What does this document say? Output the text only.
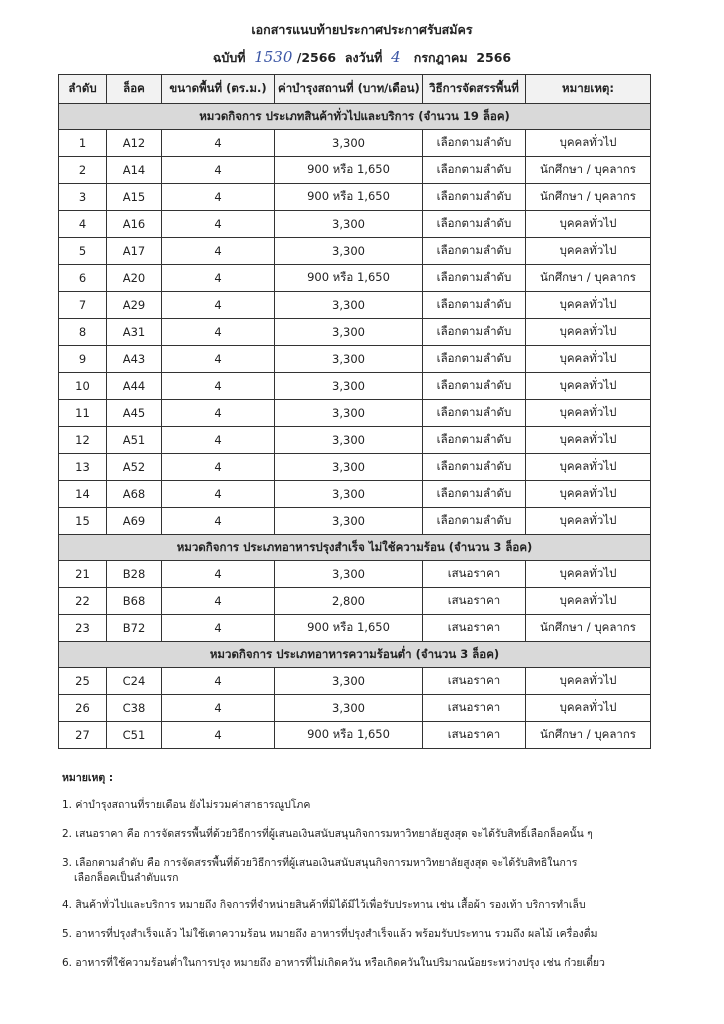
เอกสารแนบท้ายประกาศประกาศรับสมัคร
ฉบับที่ 1530 /2566 ลงวันที่ 4 กรกฎาคม  2566
ลำดับ	ล็อค	ขนาดพื้นที่ (ตร.ม.)	ค่าบำรุงสถานที่ (บาท/เดือน)	วิธีการจัดสรรพื้นที่	หมายเหตุ:
หมวดกิจการ ประเภทสินค้าทั่วไปและบริการ (จำนวน 19 ล็อค)					
1	A12	4	3,300	เลือกตามลำดับ	บุคคลทั่วไป
2	A14	4	900 หรือ 1,650	เลือกตามลำดับ	นักศึกษา / บุคลากร
3	A15	4	900 หรือ 1,650	เลือกตามลำดับ	นักศึกษา / บุคลากร
4	A16	4	3,300	เลือกตามลำดับ	บุคคลทั่วไป
5	A17	4	3,300	เลือกตามลำดับ	บุคคลทั่วไป
6	A20	4	900 หรือ 1,650	เลือกตามลำดับ	นักศึกษา / บุคลากร
7	A29	4	3,300	เลือกตามลำดับ	บุคคลทั่วไป
8	A31	4	3,300	เลือกตามลำดับ	บุคคลทั่วไป
9	A43	4	3,300	เลือกตามลำดับ	บุคคลทั่วไป
10	A44	4	3,300	เลือกตามลำดับ	บุคคลทั่วไป
11	A45	4	3,300	เลือกตามลำดับ	บุคคลทั่วไป
12	A51	4	3,300	เลือกตามลำดับ	บุคคลทั่วไป
13	A52	4	3,300	เลือกตามลำดับ	บุคคลทั่วไป
14	A68	4	3,300	เลือกตามลำดับ	บุคคลทั่วไป
15	A69	4	3,300	เลือกตามลำดับ	บุคคลทั่วไป
หมวดกิจการ ประเภทอาหารปรุงสำเร็จ ไม่ใช้ความร้อน (จำนวน 3 ล็อค)					
21	B28	4	3,300	เสนอราคา	บุคคลทั่วไป
22	B68	4	2,800	เสนอราคา	บุคคลทั่วไป
23	B72	4	900 หรือ 1,650	เสนอราคา	นักศึกษา / บุคลากร
หมวดกิจการ ประเภทอาหารความร้อนต่ำ (จำนวน 3 ล็อค)					
25	C24	4	3,300	เสนอราคา	บุคคลทั่วไป
26	C38	4	3,300	เสนอราคา	บุคคลทั่วไป
27	C51	4	900 หรือ 1,650	เสนอราคา	นักศึกษา / บุคลากร
หมายเหตุ :
1. ค่าบำรุงสถานที่รายเดือน ยังไม่รวมค่าสาธารณูปโภค
2. เสนอราคา คือ การจัดสรรพื้นที่ด้วยวิธีการที่ผู้เสนอเงินสนับสนุนกิจการมหาวิทยาลัยสูงสุด จะได้รับสิทธิ์เลือกล็อคนั้น ๆ
3. เลือกตามลำดับ คือ การจัดสรรพื้นที่ด้วยวิธีการที่ผู้เสนอเงินสนับสนุนกิจการมหาวิทยาลัยสูงสุด จะได้รับสิทธิในการ
เลือกล็อคเป็นลำดับแรก
4. สินค้าทั่วไปและบริการ หมายถึง กิจการที่จำหน่ายสินค้าที่มิได้มีไว้เพื่อรับประทาน เช่น เสื้อผ้า รองเท้า บริการทำเล็บ
5. อาหารที่ปรุงสำเร็จแล้ว ไม่ใช้เตาความร้อน หมายถึง อาหารที่ปรุงสำเร็จแล้ว พร้อมรับประทาน รวมถึง ผลไม้ เครื่องดื่ม
6. อาหารที่ใช้ความร้อนต่ำในการปรุง หมายถึง อาหารที่ไม่เกิดควัน หรือเกิดควันในปริมาณน้อยระหว่างปรุง เช่น ก๋วยเตี๋ยว
